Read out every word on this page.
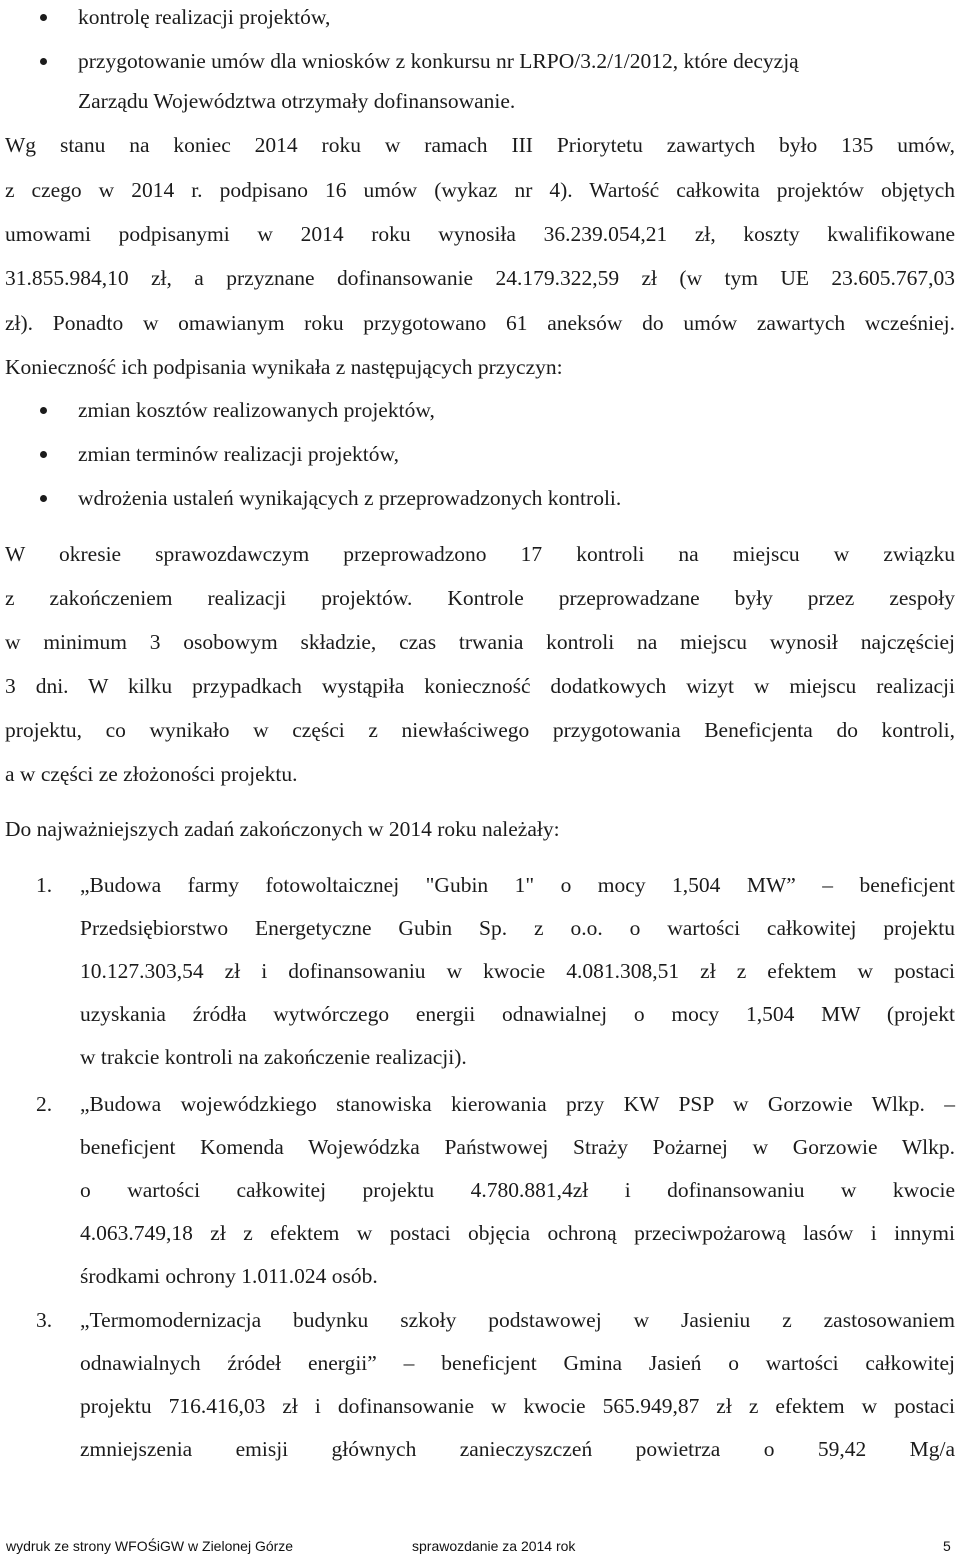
kontrolę realizacji projektów,
przygotowanie umów dla wniosków z konkursu nr LRPO/3.2/1/2012, które decyzją
Zarządu Województwa otrzymały dofinansowanie.
Wg stanu na koniec 2014 roku w ramach III Priorytetu zawartych było 135 umów,
z czego w 2014 r. podpisano 16 umów (wykaz nr 4). Wartość całkowita projektów objętych
umowami podpisanymi w 2014 roku wynosiła 36.239.054,21 zł, koszty kwalifikowane
31.855.984,10 zł, a przyznane dofinansowanie 24.179.322,59 zł (w tym UE 23.605.767,03
zł). Ponadto w omawianym roku przygotowano 61 aneksów do umów zawartych wcześniej.
Konieczność ich podpisania wynikała z następujących przyczyn:
zmian kosztów realizowanych projektów,
zmian terminów realizacji projektów,
wdrożenia ustaleń wynikających z przeprowadzonych kontroli.
W okresie sprawozdawczym przeprowadzono 17 kontroli na miejscu w związku
z zakończeniem realizacji projektów. Kontrole przeprowadzane były przez zespoły
w minimum 3 osobowym składzie, czas trwania kontroli na miejscu wynosił najczęściej
3 dni. W kilku przypadkach wystąpiła konieczność dodatkowych wizyt w miejscu realizacji
projektu, co wynikało w części z niewłaściwego przygotowania Beneficjenta do kontroli,
a w części ze złożoności projektu.
Do najważniejszych zadań zakończonych w 2014 roku należały:
1. „Budowa farmy fotowoltaicznej "Gubin 1" o mocy 1,504 MW” – beneficjent
Przedsiębiorstwo Energetyczne Gubin Sp. z o.o. o wartości całkowitej projektu
10.127.303,54 zł i dofinansowaniu w kwocie 4.081.308,51 zł z efektem w postaci
uzyskania źródła wytwórczego energii odnawialnej o mocy 1,504 MW (projekt
w trakcie kontroli na zakończenie realizacji).
2. „Budowa wojewódzkiego stanowiska kierowania przy KW PSP w Gorzowie Wlkp. –
beneficjent Komenda Wojewódzka Państwowej Straży Pożarnej w Gorzowie Wlkp.
o wartości całkowitej projektu 4.780.881,4zł i dofinansowaniu w kwocie
4.063.749,18 zł z efektem w postaci objęcia ochroną przeciwpożarową lasów i innymi
środkami ochrony 1.011.024 osób.
3. „Termomodernizacja budynku szkoły podstawowej w Jasieniu z zastosowaniem
odnawialnych źródeł energii” – beneficjent Gmina Jasień o wartości całkowitej
projektu 716.416,03 zł i dofinansowanie w kwocie 565.949,87 zł z efektem w postaci
zmniejszenia emisji głównych zanieczyszczeń powietrza o 59,42 Mg/a
wydruk ze strony WFOŚiGW w Zielonej Górze	sprawozdanie za 2014 rok	5
